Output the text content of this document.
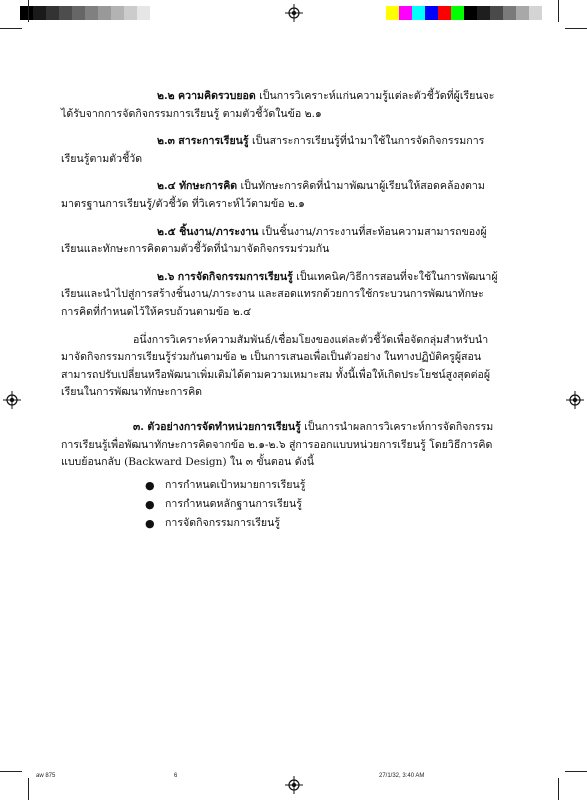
๒.๒ ความคิดรวบยอด เป็นการวิเคราะห์แก่นความรู้แต่ละตัวชี้วัดที่ผู้เรียนจะได้รับจากการจัดกิจกรรมการเรียนรู้ ตามตัวชี้วัดในข้อ ๒.๑

๒.๓ สาระการเรียนรู้ เป็นสาระการเรียนรู้ที่นำมาใช้ในการจัดกิจกรรมการเรียนรู้ตามตัวชี้วัด

๒.๔ ทักษะการคิด เป็นทักษะการคิดที่นำมาพัฒนาผู้เรียนให้สอดคล้องตามมาตรฐานการเรียนรู้/ตัวชี้วัด ที่วิเคราะห์ไว้ตามข้อ ๒.๑

๒.๕ ชิ้นงาน/ภาระงาน เป็นชิ้นงาน/ภาระงานที่สะท้อนความสามารถของผู้เรียนและทักษะการคิดตามตัวชี้วัดที่นำมาจัดกิจกรรมร่วมกัน

๒.๖ การจัดกิจกรรมการเรียนรู้ เป็นเทคนิค/วิธีการสอนที่จะใช้ในการพัฒนาผู้เรียนและนำไปสู่การสร้างชิ้นงาน/ภาระงาน และสอดแทรกด้วยการใช้กระบวนการพัฒนาทักษะการคิดที่กำหนดไว้ให้ครบถ้วนตามข้อ ๒.๔

อนึ่งการวิเคราะห์ความสัมพันธ์/เชื่อมโยงของแต่ละตัวชี้วัดเพื่อจัดกลุ่มสำหรับนำมาจัดกิจกรรมการเรียนรู้ร่วมกันตามข้อ ๒ เป็นการเสนอเพื่อเป็นตัวอย่าง ในทางปฏิบัติครูผู้สอนสามารถปรับเปลี่ยนหรือพัฒนาเพิ่มเติมได้ตามความเหมาะสม ทั้งนี้เพื่อให้เกิดประโยชน์สูงสุดต่อผู้เรียนในการพัฒนาทักษะการคิด

๓. ตัวอย่างการจัดทำหน่วยการเรียนรู้ เป็นการนำผลการวิเคราะห์การจัดกิจกรรมการเรียนรู้เพื่อพัฒนาทักษะการคิดจากข้อ ๒.๑-๒.๖ สู่การออกแบบหน่วยการเรียนรู้ โดยวิธีการคิดแบบย้อนกลับ (Backward Design) ใน ๓ ขั้นตอน ดังนี้

● การกำหนดเป้าหมายการเรียนรู้
● การกำหนดหลักฐานการเรียนรู้
● การจัดกิจกรรมการเรียนรู้
aw 875	6	27/1/32, 3:40 AM
